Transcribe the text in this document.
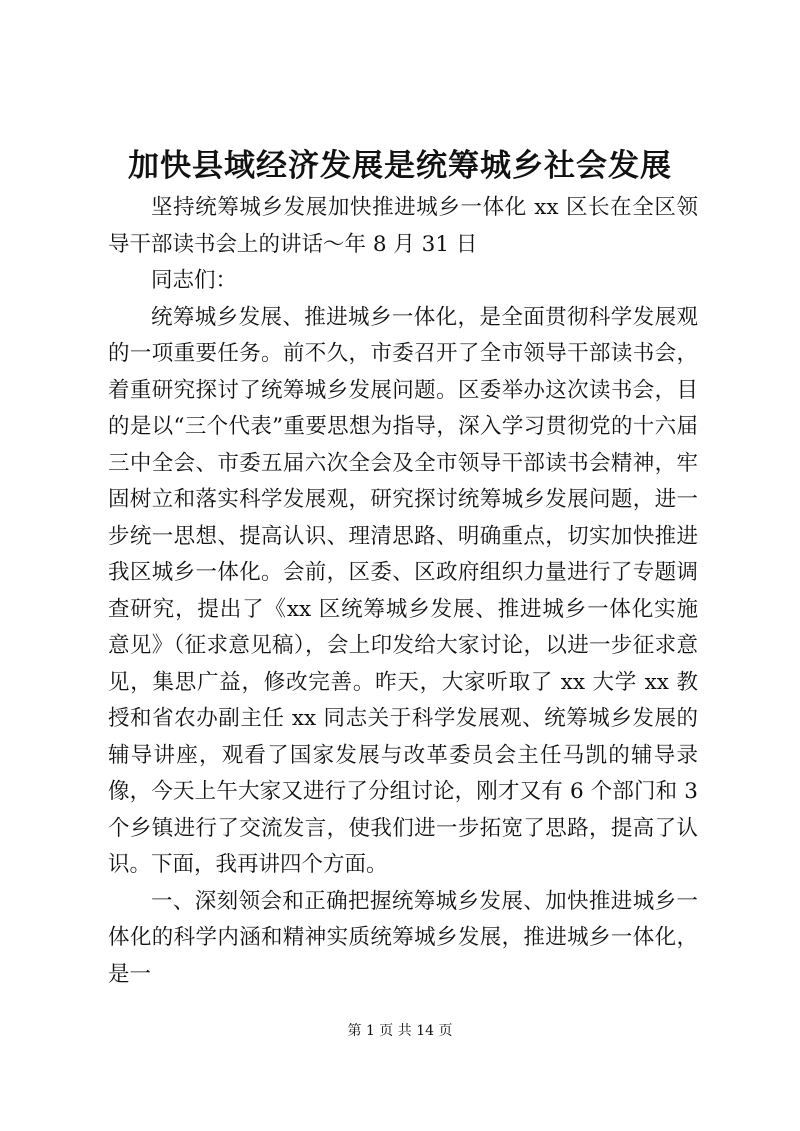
加快县域经济发展是统筹城乡社会发展

坚持统筹城乡发展加快推进城乡一体化 xx 区长在全区领导干部读书会上的讲话～年 8 月 31 日

同志们：

统筹城乡发展、推进城乡一体化，是全面贯彻科学发展观的一项重要任务。前不久，市委召开了全市领导干部读书会，着重研究探讨了统筹城乡发展问题。区委举办这次读书会，目的是以“三个代表”重要思想为指导，深入学习贯彻党的十六届三中全会、市委五届六次全会及全市领导干部读书会精神，牢固树立和落实科学发展观，研究探讨统筹城乡发展问题，进一步统一思想、提高认识、理清思路、明确重点，切实加快推进我区城乡一体化。会前，区委、区政府组织力量进行了专题调查研究，提出了《xx 区统筹城乡发展、推进城乡一体化实施意见》（征求意见稿），会上印发给大家讨论，以进一步征求意见，集思广益，修改完善。昨天，大家听取了 xx 大学 xx 教授和省农办副主任 xx 同志关于科学发展观、统筹城乡发展的辅导讲座，观看了国家发展与改革委员会主任马凯的辅导录像，今天上午大家又进行了分组讨论，刚才又有 6 个部门和 3 个乡镇进行了交流发言，使我们进一步拓宽了思路，提高了认识。下面，我再讲四个方面。

一、深刻领会和正确把握统筹城乡发展、加快推进城乡一体化的科学内涵和精神实质统筹城乡发展，推进城乡一体化，是一

第 1 页 共 14 页
